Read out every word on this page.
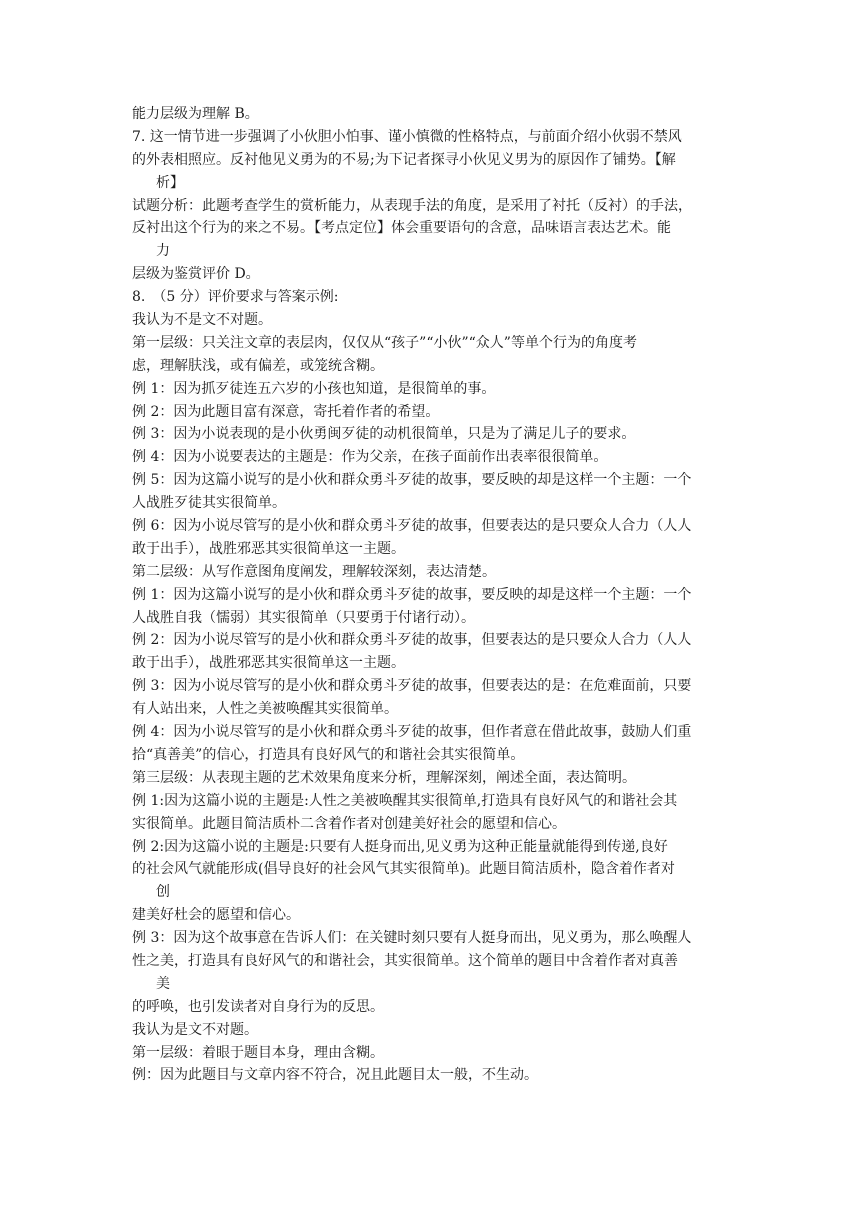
能力层级为理解 B。
7. 这一情节进一步强调了小伙胆小怕事、谨小慎微的性格特点，与前面介绍小伙弱不禁风
的外表相照应。反衬他见义勇为的不易;为下记者探寻小伙见义男为的原因作了铺势。【解
析】
试题分析：此题考查学生的赏析能力，从表现手法的角度，是采用了衬托（反衬）的手法，
反衬出这个行为的来之不易。【考点定位】体会重要语句的含意，品味语言表达艺术。能
力
层级为鉴赏评价 D。
8.　（5 分）评价要求与答案示例:
我认为不是文不对题。
第一层级：只关注文章的表层肉，仅仅从“孩子”“小伙”“众人”等单个行为的角度考
虑，理解肤浅，或有偏差，或笼统含糊。
例 1：因为抓歹徒连五六岁的小孩也知道，是很简单的事。
例 2：因为此题目富有深意，寄托着作者的希望。
例 3：因为小说表现的是小伙勇闽歹徒的动机很简单，只是为了满足儿子的要求。
例 4：因为小说要表达的主题是：作为父亲，在孩子面前作出表率很很简单。
例 5：因为这篇小说写的是小伙和群众勇斗歹徒的故事，要反映的却是这样一个主题：一个
人战胜歹徒其实很简单。
例 6：因为小说尽管写的是小伙和群众勇斗歹徒的故事，但要表达的是只要众人合力（人人
敢于出手），战胜邪恶其实很简单这一主题。
第二层级：从写作意图角度阐发，理解较深刻，表达清楚。
例 1：因为这篇小说写的是小伙和群众勇斗歹徒的故事，要反映的却是这样一个主题：一个
人战胜自我（懦弱）其实很简单（只要勇于付诸行动）。
例 2：因为小说尽管写的是小伙和群众勇斗歹徒的故事，但要表达的是只要众人合力（人人
敢于出手），战胜邪恶其实很简单这一主题。
例 3：因为小说尽管写的是小伙和群众勇斗歹徒的故事，但要表达的是：在危难面前，只要
有人站出来，人性之美被唤醒其实很简单。
例 4：因为小说尽管写的是小伙和群众勇斗歹徒的故事，但作者意在借此故事，鼓励人们重
拾“真善美”的信心，打造具有良好风气的和谐社会其实很简单。
第三层级：从表现主题的艺术效果角度来分析，理解深刻，阐述全面，表达简明。
例 1:因为这篇小说的主题是:人性之美被唤醒其实很简单,打造具有良好风气的和谐社会其
实很简单。此题目简洁质朴二含着作者对创建美好社会的愿望和信心。
例 2:因为这篇小说的主题是:只要有人挺身而出,见义勇为这种正能量就能得到传递,良好
的社会风气就能形成(倡导良好的社会风气其实很简单)。此题目简洁质朴，隐含着作者对
创
建美好杜会的愿望和信心。
例 3：因为这个故事意在告诉人们：在关键时刻只要有人挺身而出，见义勇为，那么唤醒人
性之美，打造具有良好风气的和谐社会，其实很简单。这个简单的题目中含着作者对真善
美
的呼唤，也引发读者对自身行为的反思。
我认为是文不对题。
第一层级：着眼于题目本身，理由含糊。
例：因为此题目与文章内容不符合，况且此题目太一般，不生动。
